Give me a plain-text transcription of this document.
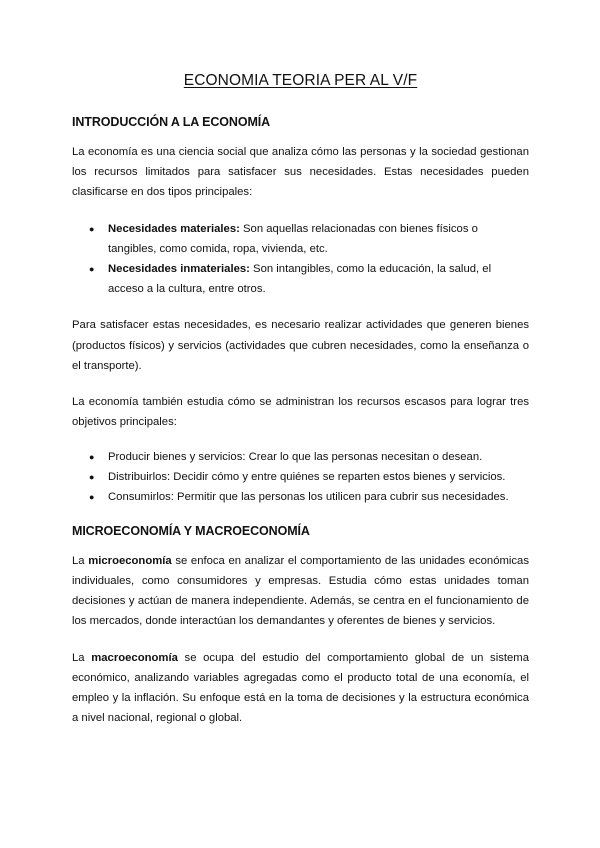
ECONOMIA TEORIA PER AL V/F
INTRODUCCIÓN A LA ECONOMÍA

La economía es una ciencia social que analiza cómo las personas y la sociedad gestionan los recursos limitados para satisfacer sus necesidades. Estas necesidades pueden clasificarse en dos tipos principales:

● Necesidades materiales: Son aquellas relacionadas con bienes físicos o tangibles, como comida, ropa, vivienda, etc.
● Necesidades inmateriales: Son intangibles, como la educación, la salud, el acceso a la cultura, entre otros.

Para satisfacer estas necesidades, es necesario realizar actividades que generen bienes (productos físicos) y servicios (actividades que cubren necesidades, como la enseñanza o el transporte).

La economía también estudia cómo se administran los recursos escasos para lograr tres objetivos principales:

● Producir bienes y servicios: Crear lo que las personas necesitan o desean.
● Distribuirlos: Decidir cómo y entre quiénes se reparten estos bienes y servicios.
● Consumirlos: Permitir que las personas los utilicen para cubrir sus necesidades.
MICROECONOMÍA Y MACROECONOMÍA

La microeconomía se enfoca en analizar el comportamiento de las unidades económicas individuales, como consumidores y empresas. Estudia cómo estas unidades toman decisiones y actúan de manera independiente. Además, se centra en el funcionamiento de los mercados, donde interactúan los demandantes y oferentes de bienes y servicios.

La macroeconomía se ocupa del estudio del comportamiento global de un sistema económico, analizando variables agregadas como el producto total de una economía, el empleo y la inflación. Su enfoque está en la toma de decisiones y la estructura económica a nivel nacional, regional o global.
